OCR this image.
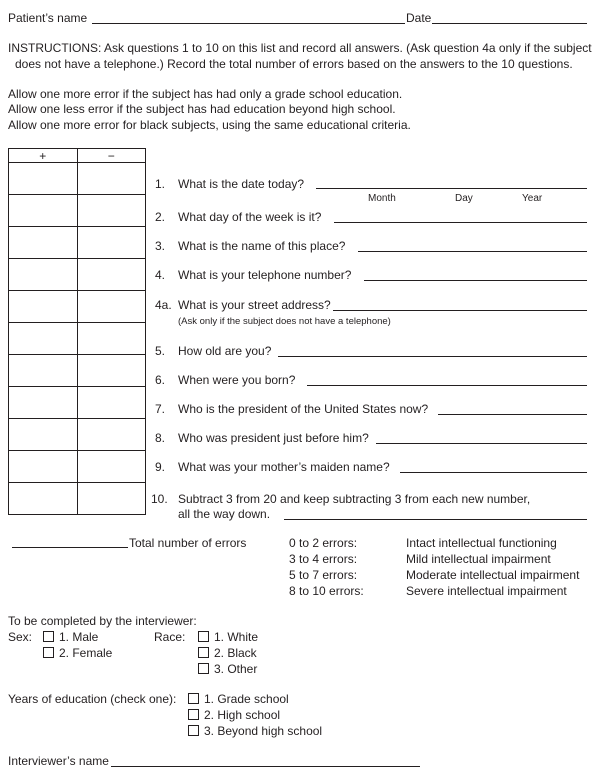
Patient’s name	Date
INSTRUCTIONS: Ask questions 1 to 10 on this list and record all answers. (Ask question 4a only if the subject
does not have a telephone.) Record the total number of errors based on the answers to the 10 questions.
Allow one more error if the subject has had only a grade school education.
Allow one less error if the subject has had education beyond high school.
Allow one more error for black subjects, using the same educational criteria.
+	−

1. What is the date today?
Month	Day	Year
2. What day of the week is it?
3. What is the name of this place?
4. What is your telephone number?
4a. What is your street address?
(Ask only if the subject does not have a telephone)
5. How old are you?
6. When were you born?
7. Who is the president of the United States now?
8. Who was president just before him?
9. What was your mother’s maiden name?
10. Subtract 3 from 20 and keep subtracting 3 from each new number,
all the way down.
Total number of errors	0 to 2 errors:	Intact intellectual functioning
3 to 4 errors:	Mild intellectual impairment
5 to 7 errors:	Moderate intellectual impairment
8 to 10 errors:	Severe intellectual impairment
To be completed by the interviewer:
Sex:	1. Male
2. Female
Race:	1. White
2. Black
3. Other
Years of education (check one):	1. Grade school
2. High school
3. Beyond high school
Interviewer’s name
